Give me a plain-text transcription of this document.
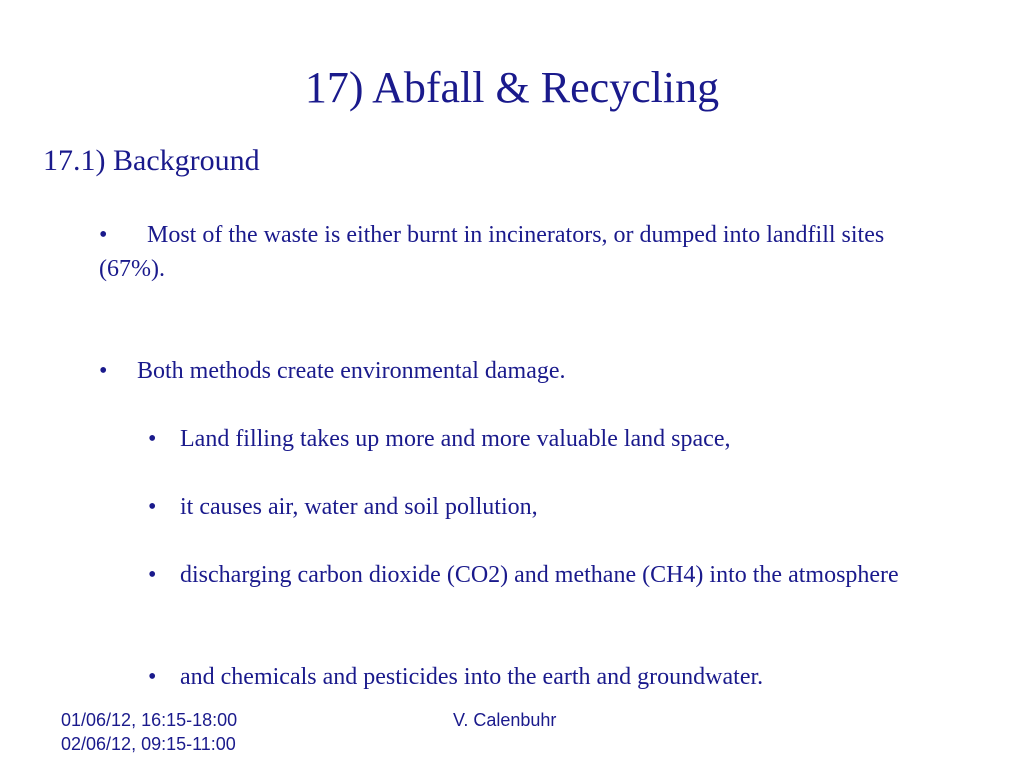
17) Abfall & Recycling
17.1) Background

• Most of the waste is either burnt in incinerators, or dumped into landfill sites (67%).

• Both methods create environmental damage.

• Land filling takes up more and more valuable land space,

• it causes air, water and soil pollution,

• discharging carbon dioxide (CO2) and methane (CH4) into the atmosphere

• and chemicals and pesticides into the earth and groundwater.

01/06/12, 16:15-18:00
02/06/12, 09:15-11:00
V. Calenbuhr
